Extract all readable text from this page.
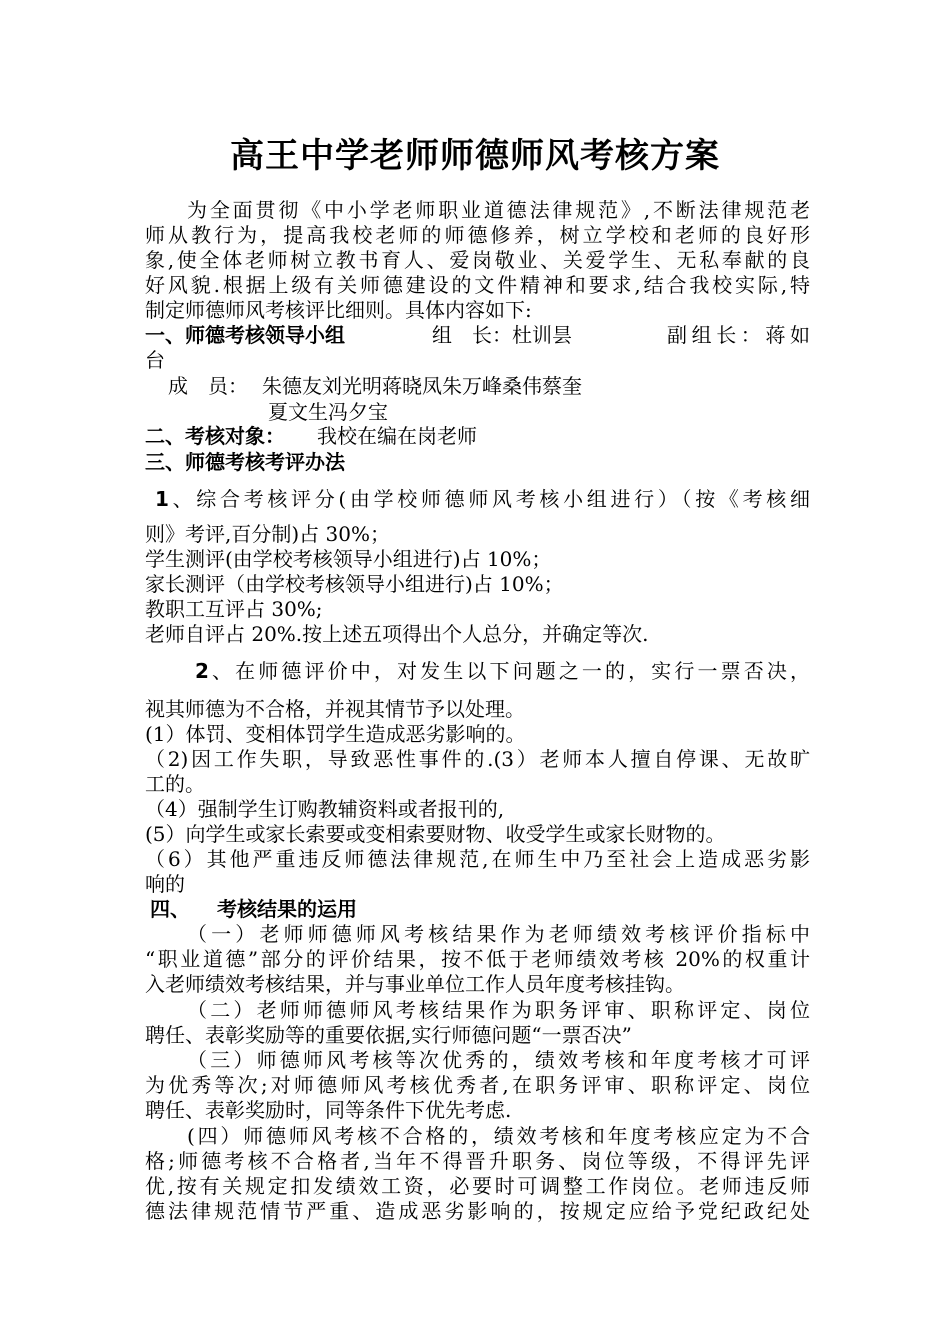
高王中学老师师德师风考核方案
为全面贯彻《中小学老师职业道德法律规范》,不断法律规范老
师从教行为，提高我校老师的师德修养，树立学校和老师的良好形
象,使全体老师树立教书育人、爱岗敬业、关爱学生、无私奉献的良
好风貌.根据上级有关师德建设的文件精神和要求,结合我校实际,特
制定师德师风考核评比细则。具体内容如下:
一、师德考核领导小组	组　长：杜训昙	副组长：蒋如
台
成　员： 朱德友刘光明蒋晓凤朱万峰桑伟蔡奎
夏文生冯夕宝
二、考核对象：	我校在编在岗老师
三、师德考核考评办法
1、综合考核评分(由学校师德师风考核小组进行）（按《考核细
则》考评,百分制)占 30%；
学生测评(由学校考核领导小组进行)占 10%；
家长测评（由学校考核领导小组进行)占 10%；
教职工互评占 30%;
老师自评占 20%.按上述五项得出个人总分，并确定等次.
2、在师德评价中，对发生以下问题之一的，实行一票否决，
视其师德为不合格，并视其情节予以处理。
(1）体罚、变相体罚学生造成恶劣影响的。
（2)因工作失职，导致恶性事件的.(3）老师本人擅自停课、无故旷
工的。
（4）强制学生订购教辅资料或者报刊的,
(5）向学生或家长索要或变相索要财物、收受学生或家长财物的。
（6）其他严重违反师德法律规范,在师生中乃至社会上造成恶劣影
响的
四、	考核结果的运用
（一）老师师德师风考核结果作为老师绩效考核评价指标中
“职业道德”部分的评价结果，按不低于老师绩效考核 20%的权重计
入老师绩效考核结果，并与事业单位工作人员年度考核挂钩。
（二）老师师德师风考核结果作为职务评审、职称评定、岗位
聘任、表彰奖励等的重要依据,实行师德问题“一票否决”
（三）师德师风考核等次优秀的，绩效考核和年度考核才可评
为优秀等次;对师德师风考核优秀者,在职务评审、职称评定、岗位
聘任、表彰奖励时，同等条件下优先考虑.
(四）师德师风考核不合格的，绩效考核和年度考核应定为不合
格;师德考核不合格者,当年不得晋升职务、岗位等级，不得评先评
优,按有关规定扣发绩效工资，必要时可调整工作岗位。老师违反师
德法律规范情节严重、造成恶劣影响的，按规定应给予党纪政纪处
